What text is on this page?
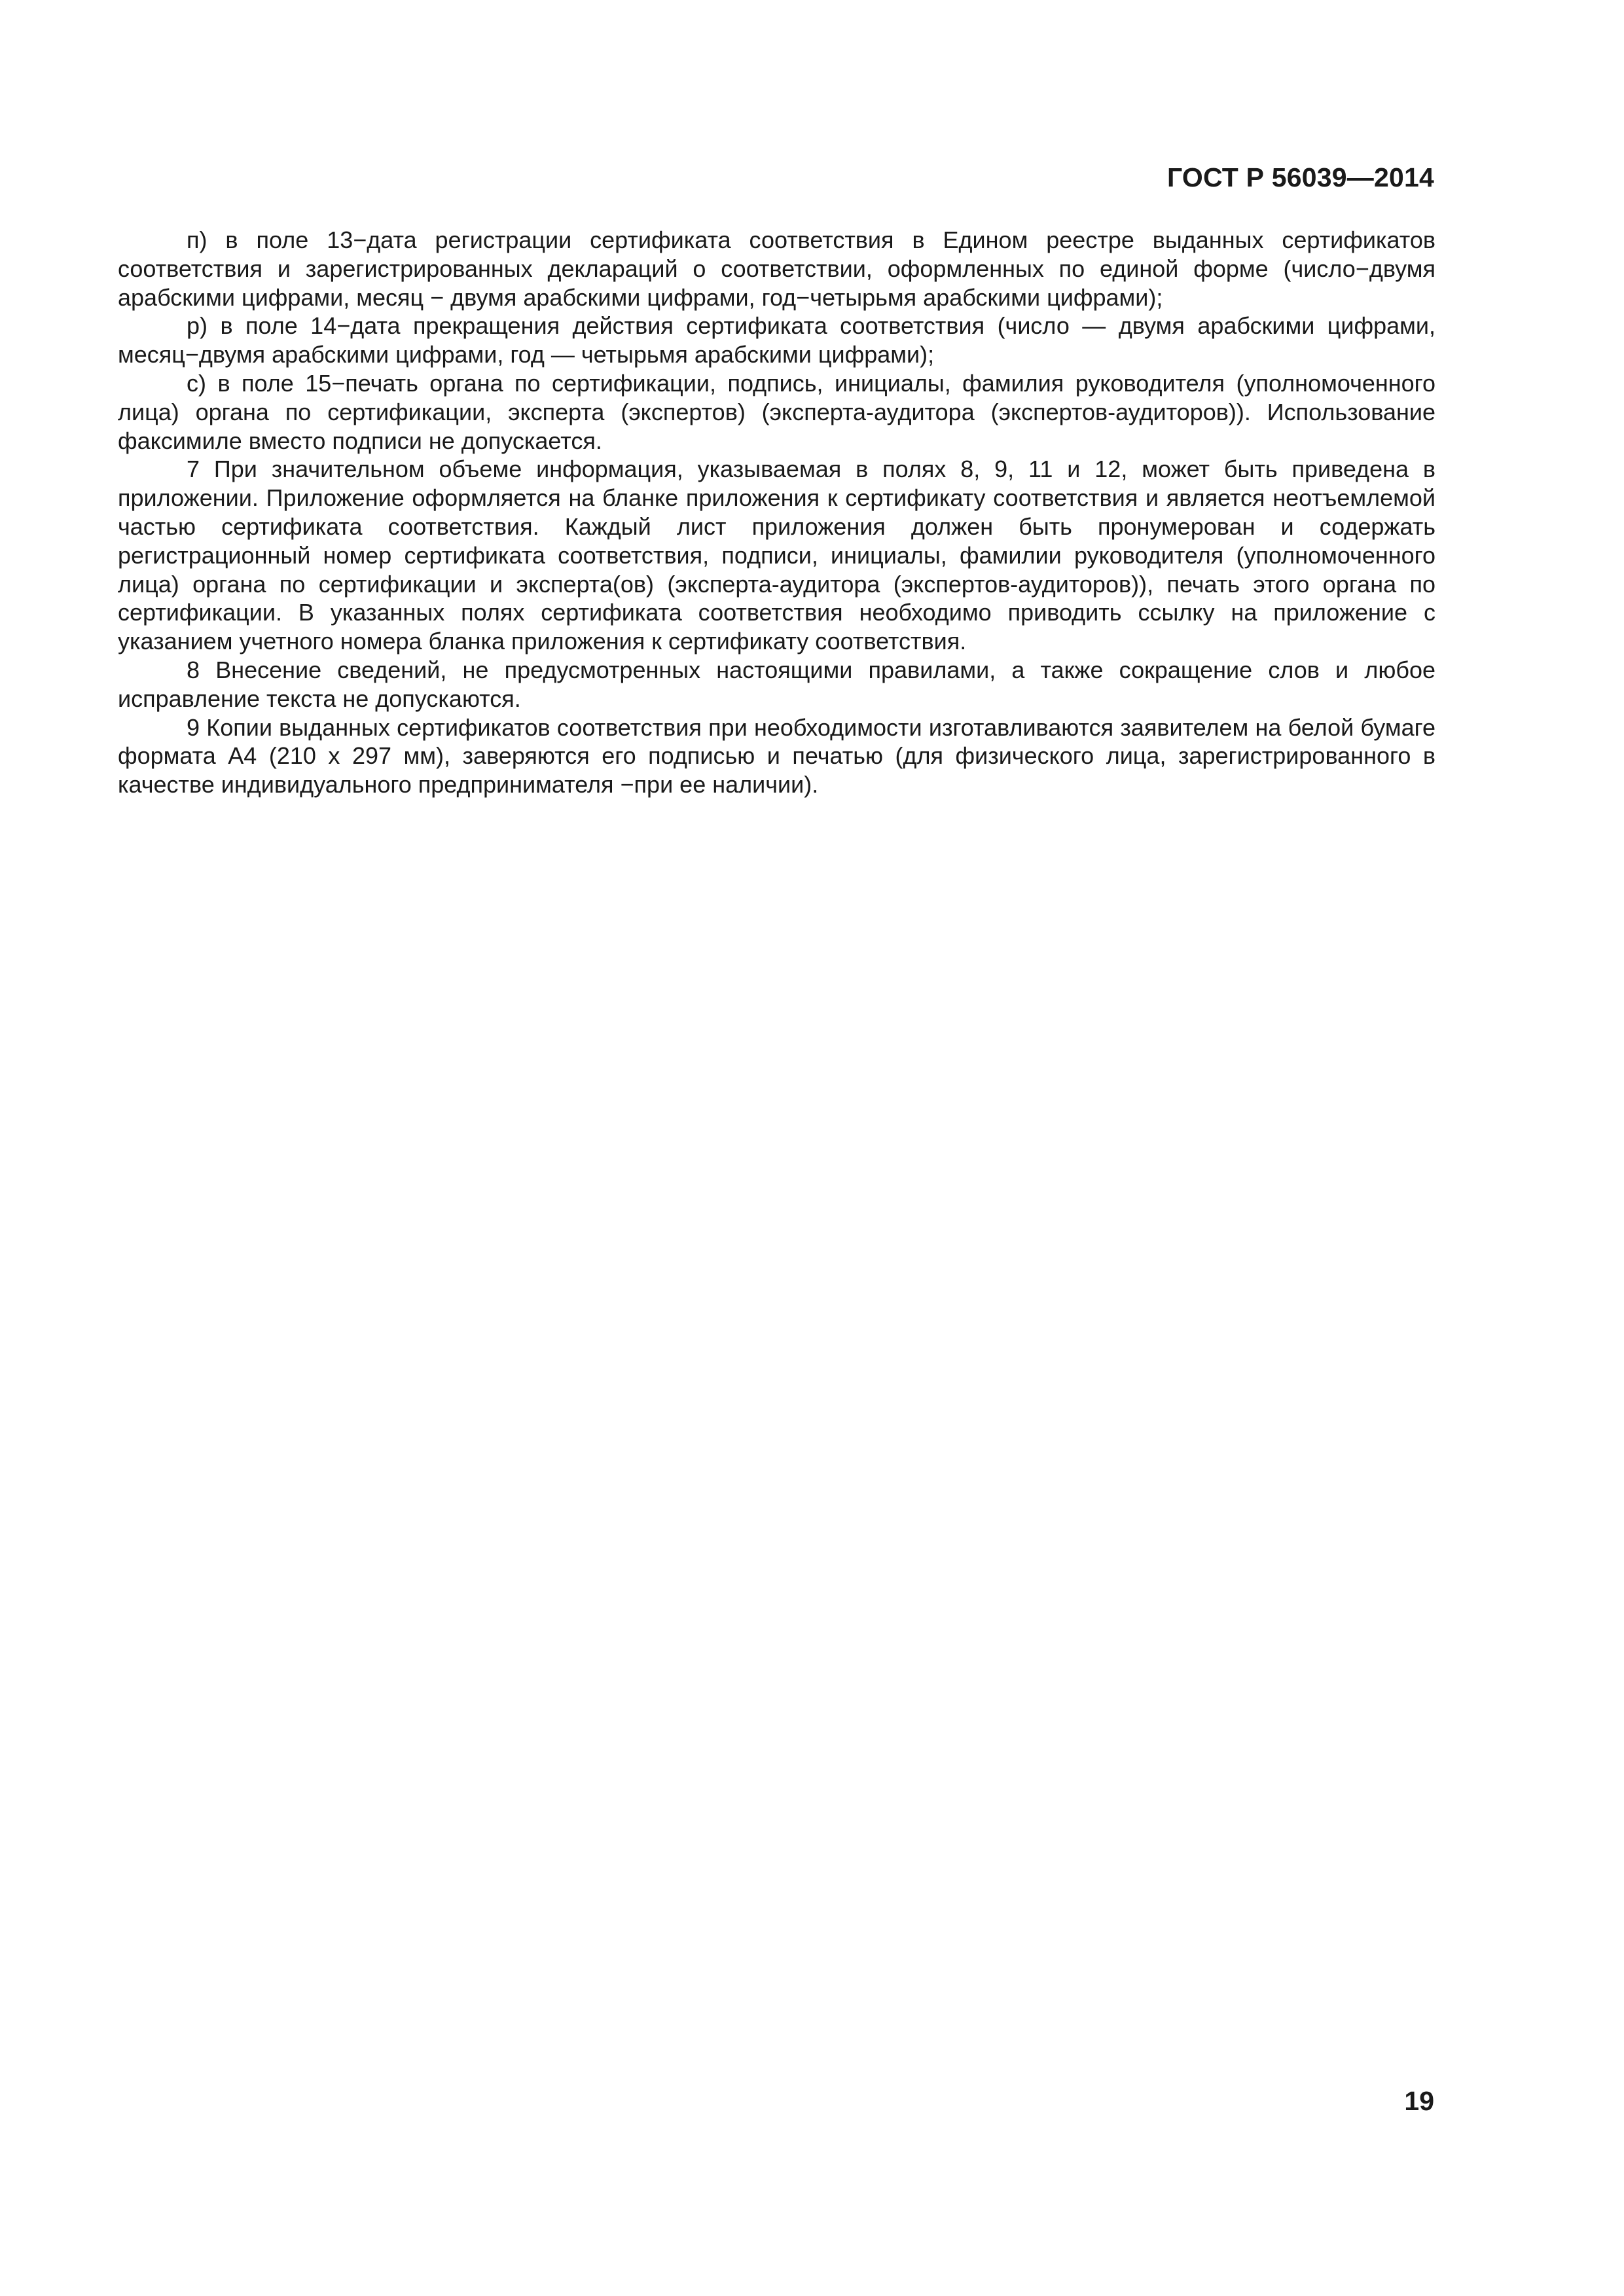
ГОСТ Р 56039—2014

п) в поле 13−дата регистрации сертификата соответствия в Едином реестре выданных сертификатов соответствия и зарегистрированных деклараций о соответствии, оформленных по единой форме (число−двумя арабскими цифрами, месяц − двумя арабскими цифрами, год−четырьмя арабскими цифрами);

р) в поле 14−дата прекращения действия сертификата соответствия (число — двумя арабскими цифрами, месяц−двумя арабскими цифрами, год — четырьмя арабскими цифрами);

с) в поле 15−печать органа по сертификации, подпись, инициалы, фамилия руководителя (уполномоченного лица) органа по сертификации, эксперта (экспертов) (эксперта-аудитора (экспертов-аудиторов)). Использование факсимиле вместо подписи не допускается.

7 При значительном объеме информация, указываемая в полях 8, 9, 11 и 12, может быть приведена в приложении. Приложение оформляется на бланке приложения к сертификату соответствия и является неотъемлемой частью сертификата соответствия. Каждый лист приложения должен быть пронумерован и содержать регистрационный номер сертификата соответствия, подписи, инициалы, фамилии руководителя (уполномоченного лица) органа по сертификации и эксперта(ов) (эксперта-аудитора (экспертов-аудиторов)), печать этого органа по сертификации. В указанных полях сертификата соответствия необходимо приводить ссылку на приложение с указанием учетного номера бланка приложения к сертификату соответствия.

8 Внесение сведений, не предусмотренных настоящими правилами, а также сокращение слов и любое исправление текста не допускаются.

9 Копии выданных сертификатов соответствия при необходимости изготавливаются заявителем на белой бумаге формата А4 (210 х 297 мм), заверяются его подписью и печатью (для физического лица, зарегистрированного в качестве индивидуального предпринимателя −при ее наличии).

19
